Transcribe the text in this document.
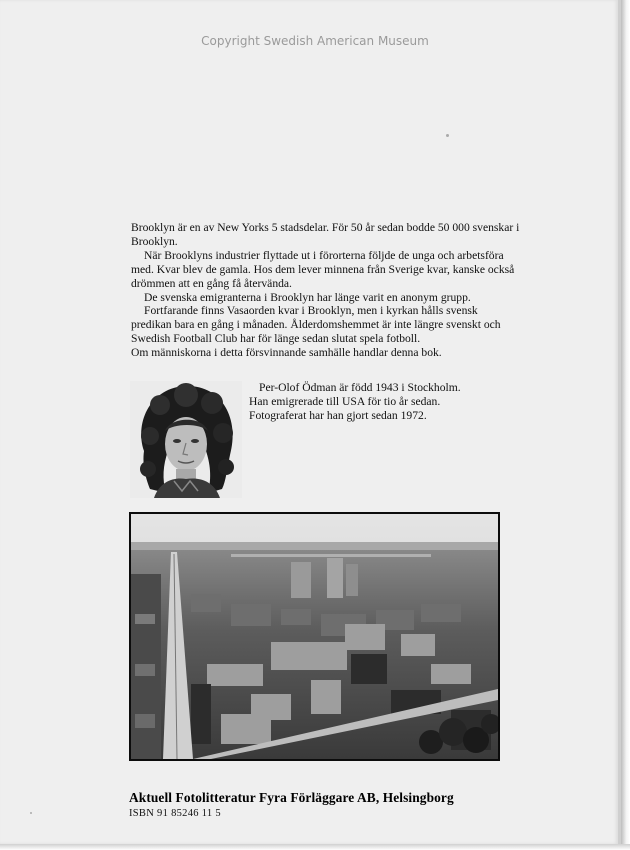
Copyright Swedish American Museum

Brooklyn är en av New Yorks 5 stadsdelar. För 50 år sedan bodde 50 000 svenskar i Brooklyn.

När Brooklyns industrier flyttade ut i förorterna följde de unga och arbetsföra med. Kvar blev de gamla. Hos dem lever minnena från Sverige kvar, kanske också drömmen att en gång få återvända.

De svenska emigranterna i Brooklyn har länge varit en anonym grupp.

Fortfarande finns Vasaorden kvar i Brooklyn, men i kyrkan hålls svensk predikan bara en gång i månaden. Ålderdomshemmet är inte längre svenskt och Swedish Football Club har för länge sedan slutat spela fotboll.

Om människorna i detta försvinnande samhälle handlar denna bok.

Per-Olof Ödman är född 1943 i Stockholm.

Han emigrerade till USA för tio år sedan.

Fotograferat har han gjort sedan 1972.

Aktuell Fotolitteratur Fyra Förläggare AB, Helsingborg
ISBN 91 85246 11 5
